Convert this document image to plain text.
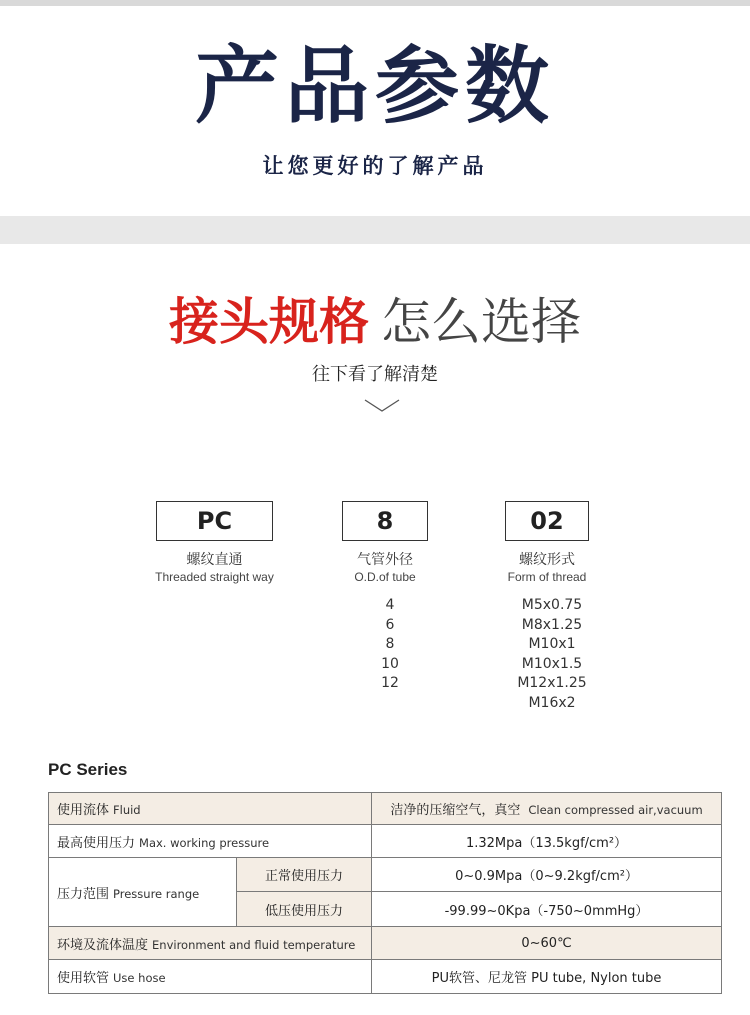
产品参数
让您更好的了解产品
接头规格 怎么选择
往下看了解清楚
PC
螺纹直通
Threaded straight way
8
气管外径
O.D.of tube
4
6
8
10
12
02
螺纹形式
Form of thread
M5x0.75
M8x1.25
M10x1
M10x1.5
M12x1.25
M16x2
PC Series
使用流体 Fluid		洁净的压缩空气，真空 Clean compressed air,vacuum
最高使用压力 Max. working pressure		1.32Mpa（13.5kgf/cm²）
压力范围 Pressure range	正常使用压力	0~0.9Mpa（0~9.2kgf/cm²）
	低压使用压力	-99.99~0Kpa（-750~0mmHg）
环境及流体温度 Environment and fluid temperature		0~60℃
使用软管 Use hose		PU软管、尼龙管 PU tube, Nylon tube
